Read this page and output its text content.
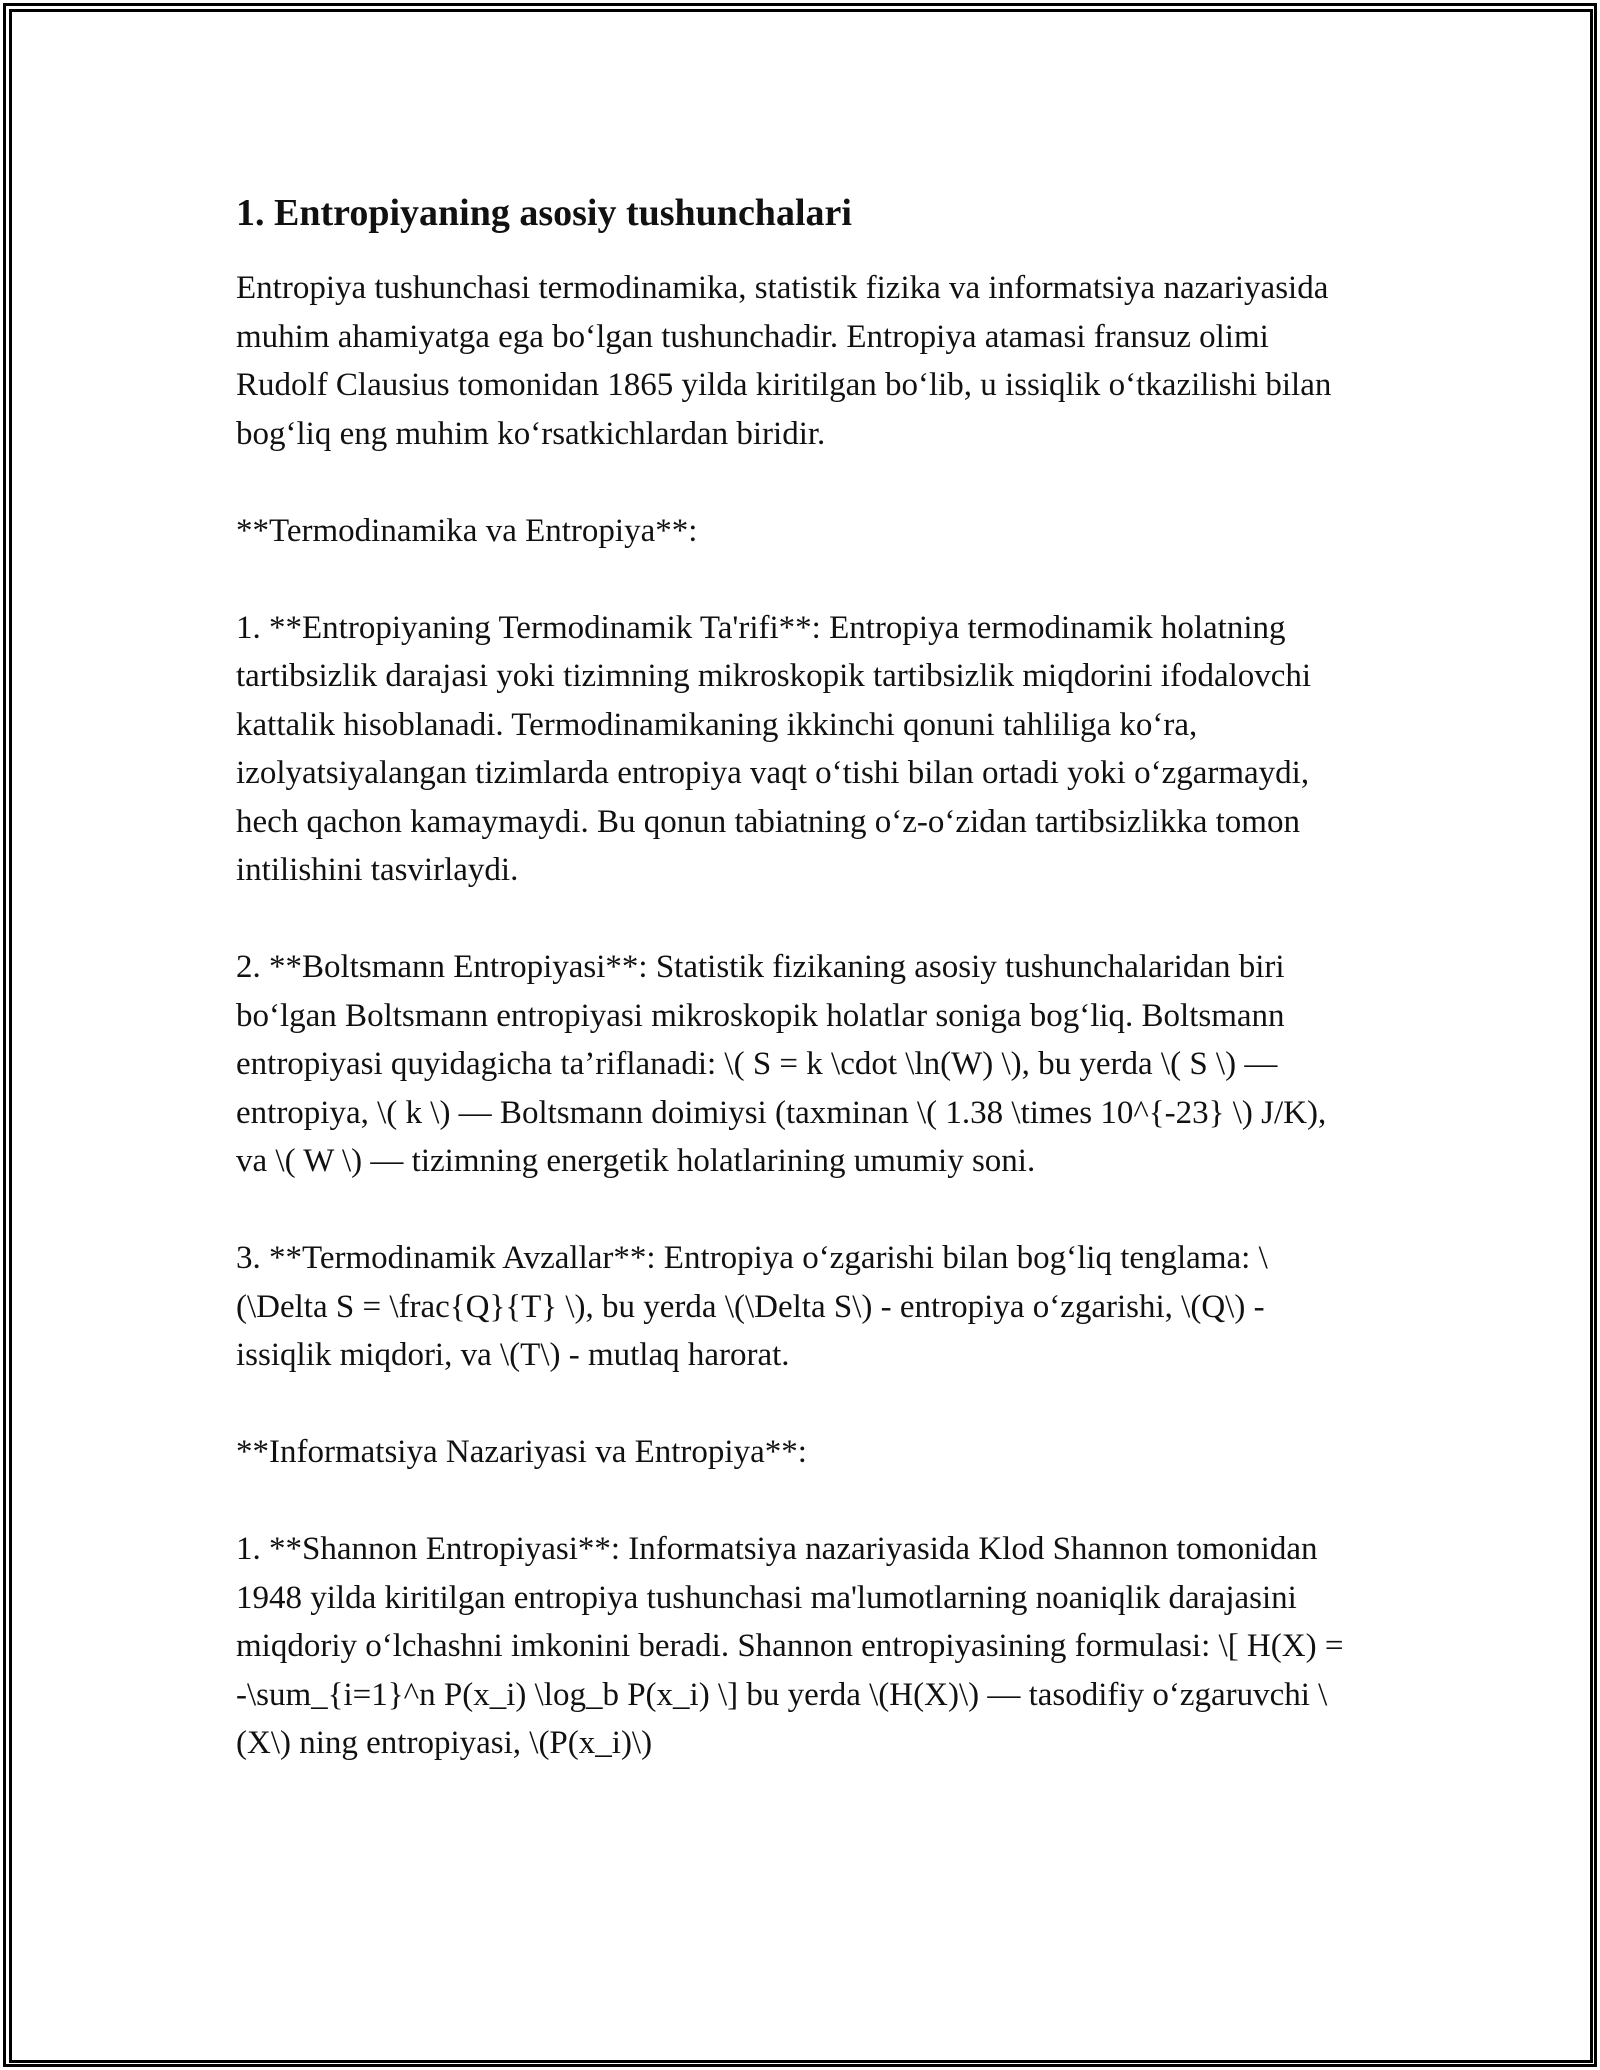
1. Entropiyaning asosiy tushunchalari

Entropiya tushunchasi termodinamika, statistik fizika va informatsiya nazariyasida muhim ahamiyatga ega bo‘lgan tushunchadir. Entropiya atamasi fransuz olimi Rudolf Clausius tomonidan 1865 yilda kiritilgan bo‘lib, u issiqlik o‘tkazilishi bilan bog‘liq eng muhim ko‘rsatkichlardan biridir.

**Termodinamika va Entropiya**:

1. **Entropiyaning Termodinamik Ta'rifi**: Entropiya termodinamik holatning tartibsizlik darajasi yoki tizimning mikroskopik tartibsizlik miqdorini ifodalovchi kattalik hisoblanadi. Termodinamikaning ikkinchi qonuni tahliliga ko‘ra, izolyatsiyalangan tizimlarda entropiya vaqt o‘tishi bilan ortadi yoki o‘zgarmaydi, hech qachon kamaymaydi. Bu qonun tabiatning o‘z-o‘zidan tartibsizlikka tomon intilishini tasvirlaydi.

2. **Boltsmann Entropiyasi**: Statistik fizikaning asosiy tushunchalaridan biri bo‘lgan Boltsmann entropiyasi mikroskopik holatlar soniga bog‘liq. Boltsmann entropiyasi quyidagicha ta’riflanadi: \( S = k \cdot \ln(W) \), bu yerda \( S \) — entropiya, \( k \) — Boltsmann doimiysi (taxminan \( 1.38 \times 10^{-23} \) J/K), va \( W \) — tizimning energetik holatlarining umumiy soni.

3. **Termodinamik Avzallar**: Entropiya o‘zgarishi bilan bog‘liq tenglama: \(\Delta S = \frac{Q}{T} \), bu yerda \(\Delta S\) - entropiya o‘zgarishi, \(Q\) - issiqlik miqdori, va \(T\) - mutlaq harorat.

**Informatsiya Nazariyasi va Entropiya**:

1. **Shannon Entropiyasi**: Informatsiya nazariyasida Klod Shannon tomonidan 1948 yilda kiritilgan entropiya tushunchasi ma'lumotlarning noaniqlik darajasini miqdoriy o‘lchashni imkonini beradi. Shannon entropiyasining formulasi: \[ H(X) = -\sum_{i=1}^n P(x_i) \log_b P(x_i) \] bu yerda \(H(X)\) — tasodifiy o‘zgaruvchi \(X\) ning entropiyasi, \(P(x_i)\)
